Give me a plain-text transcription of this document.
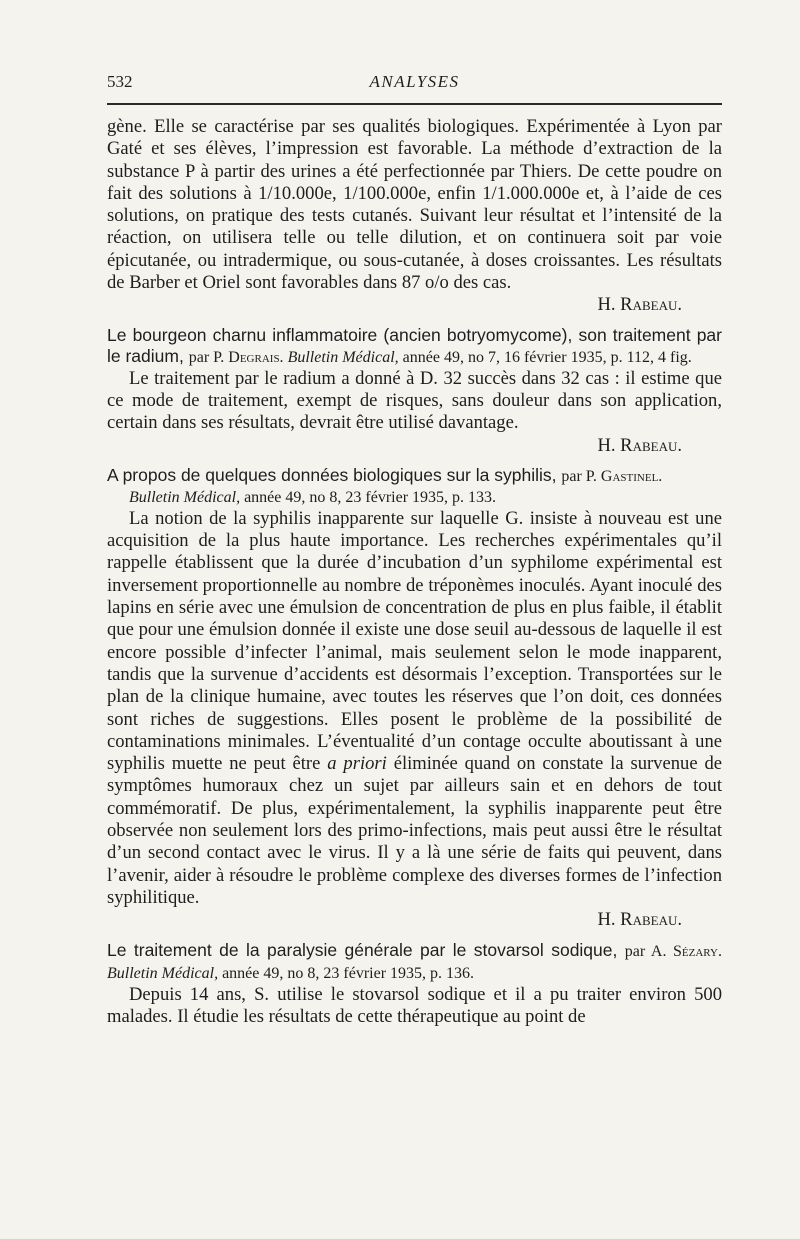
532	ANALYSES

gène. Elle se caractérise par ses qualités biologiques. Expérimentée à Lyon par Gaté et ses élèves, l’impression est favorable. La méthode d’extraction de la substance P à partir des urines a été perfectionnée par Thiers. De cette poudre on fait des solutions à 1/10.000e, 1/100.000e, enfin 1/1.000.000e et, à l’aide de ces solutions, on pratique des tests cutanés. Suivant leur résultat et l’intensité de la réaction, on utilisera telle ou telle dilution, et on continuera soit par voie épicutanée, ou intradermique, ou sous-cutanée, à doses croissantes. Les résultats de Barber et Oriel sont favorables dans 87 o/o des cas.

H. Rabeau.

Le bourgeon charnu inflammatoire (ancien botryomycome), son traitement par le radium, par P. Degrais. Bulletin Médical, année 49, no 7, 16 février 1935, p. 112, 4 fig.

Le traitement par le radium a donné à D. 32 succès dans 32 cas : il estime que ce mode de traitement, exempt de risques, sans douleur dans son application, certain dans ses résultats, devrait être utilisé davantage.

H. Rabeau.

A propos de quelques données biologiques sur la syphilis, par P. Gastinel.
Bulletin Médical, année 49, no 8, 23 février 1935, p. 133.

La notion de la syphilis inapparente sur laquelle G. insiste à nouveau est une acquisition de la plus haute importance. Les recherches expérimentales qu’il rappelle établissent que la durée d’incubation d’un syphilome expérimental est inversement proportionnelle au nombre de tréponèmes inoculés. Ayant inoculé des lapins en série avec une émulsion de concentration de plus en plus faible, il établit que pour une émulsion donnée il existe une dose seuil au-dessous de laquelle il est encore possible d’infecter l’animal, mais seulement selon le mode inapparent, tandis que la survenue d’accidents est désormais l’exception. Transportées sur le plan de la clinique humaine, avec toutes les réserves que l’on doit, ces données sont riches de suggestions. Elles posent le problème de la possibilité de contaminations minimales. L’éventualité d’un contage occulte aboutissant à une syphilis muette ne peut être a priori éliminée quand on constate la survenue de symptômes humoraux chez un sujet par ailleurs sain et en dehors de tout commémoratif. De plus, expérimentalement, la syphilis inapparente peut être observée non seulement lors des primo-infections, mais peut aussi être le résultat d’un second contact avec le virus. Il y a là une série de faits qui peuvent, dans l’avenir, aider à résoudre le problème complexe des diverses formes de l’infection syphilitique.

H. Rabeau.

Le traitement de la paralysie générale par le stovarsol sodique, par A. Sézary. Bulletin Médical, année 49, no 8, 23 février 1935, p. 136.

Depuis 14 ans, S. utilise le stovarsol sodique et il a pu traiter environ 500 malades. Il étudie les résultats de cette thérapeutique au point de
